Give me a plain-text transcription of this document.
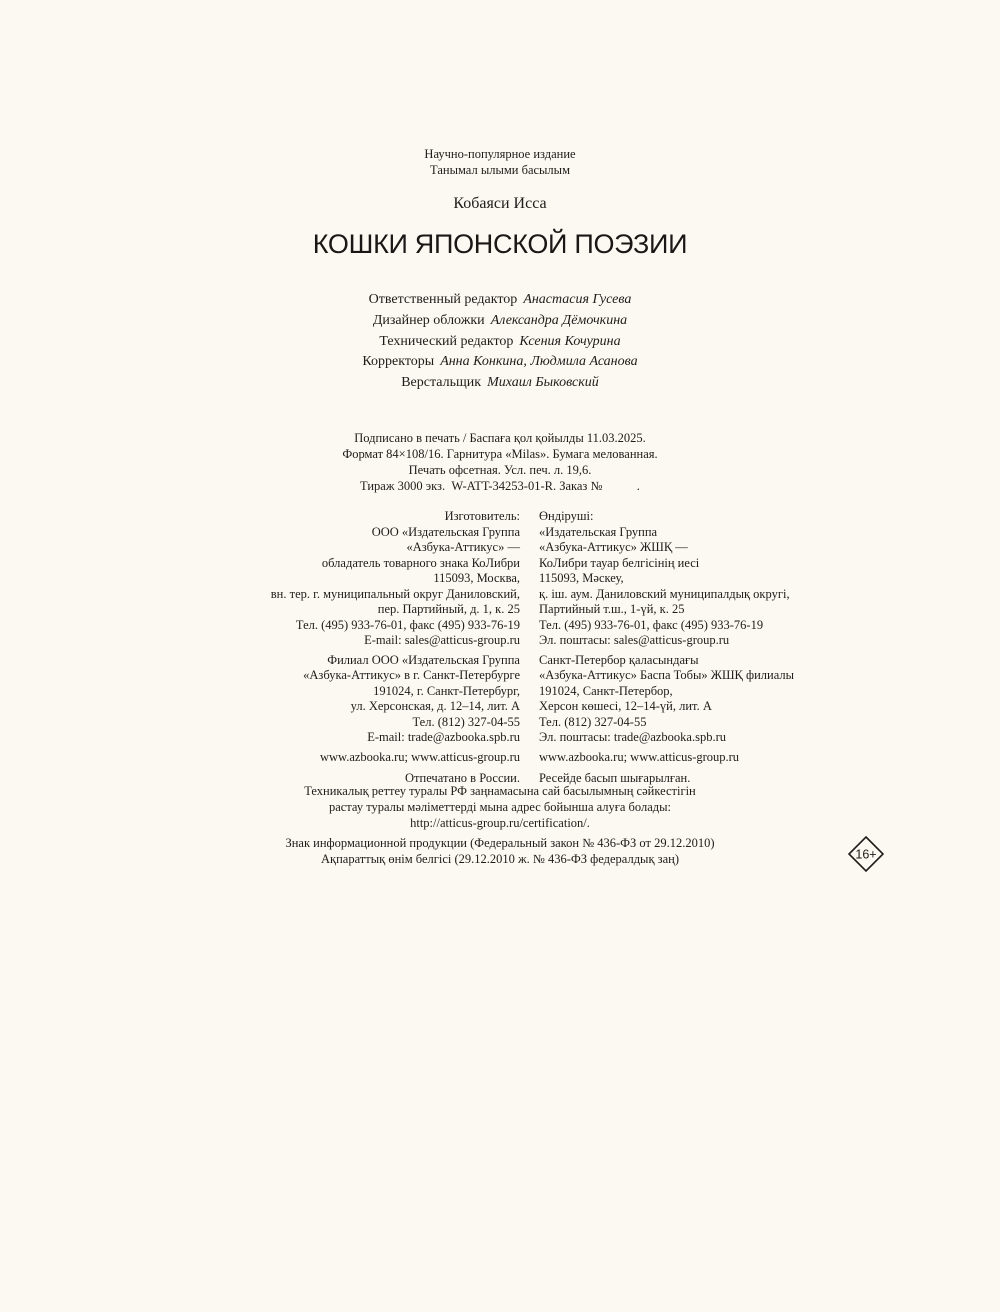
Научно-популярное издание
Танымал ылыми басылым
Кобаяси Исса
КОШКИ ЯПОНСКОЙ ПОЭЗИИ
Ответственный редактор Анастасия Гусева
Дизайнер обложки Александра Дёмочкина
Технический редактор Ксения Кочурина
Корректоры Анна Конкина, Людмила Асанова
Верстальщик Михаил Быковский
Подписано в печать / Баспаға қол қойылды 11.03.2025.
Формат 84×108/16. Гарнитура «Milas». Бумага мелованная.
Печать офсетная. Усл. печ. л. 19,6.
Тираж 3000 экз.  W-ATT-34253-01-R. Заказ №           .
Изготовитель:
ООО «Издательская Группа
«Азбука-Аттикус» —
обладатель товарного знака КоЛибри
115093, Москва,
вн. тер. г. муниципальный округ Даниловский,
пер. Партийный, д. 1, к. 25
Тел. (495) 933-76-01, факс (495) 933-76-19
E-mail: sales@atticus-group.ru
Филиал ООО «Издательская Группа
«Азбука-Аттикус» в г. Санкт-Петербурге
191024, г. Санкт-Петербург,
ул. Херсонская, д. 12–14, лит. А
Тел. (812) 327-04-55
E-mail: trade@azbooka.spb.ru
www.azbooka.ru; www.atticus-group.ru
Отпечатано в России.
Өндіруші:
«Издательская Группа
«Азбука-Аттикус» ЖШҚ —
КоЛибри тауар белгісінің иесі
115093, Мәскеу,
қ. іш. аум. Даниловский муниципалдық округі,
Партийный т.ш., 1-үй, к. 25
Тел. (495) 933-76-01, факс (495) 933-76-19
Эл. поштасы: sales@atticus-group.ru
Санкт-Петербор қаласындағы
«Азбука-Аттикус» Баспа Тобы» ЖШҚ филиалы
191024, Санкт-Петербор,
Херсон көшесі, 12–14-үй, лит. А
Тел. (812) 327-04-55
Эл. поштасы: trade@azbooka.spb.ru
www.azbooka.ru; www.atticus-group.ru
Ресейде басып шығарылған.
Техникалық реттеу туралы РФ заңнамасына сай басылымның сәйкестігін
растау туралы мәліметтерді мына адрес бойынша алуға болады:
http://atticus-group.ru/certification/.
Знак информационной продукции (Федеральный закон № 436-ФЗ от 29.12.2010)
Ақпараттық өнім белгісі (29.12.2010 ж. № 436-ФЗ федералдық заң)	16+
